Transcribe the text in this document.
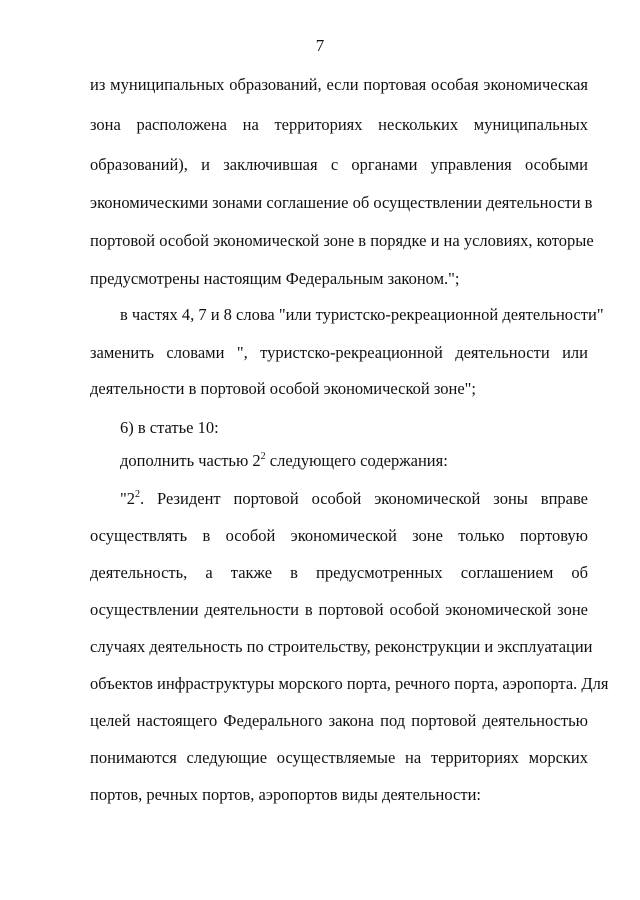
7
из муниципальных образований, если портовая особая экономическая
зона расположена на территориях нескольких муниципальных
образований), и заключившая с органами управления особыми
экономическими зонами соглашение об осуществлении деятельности в
портовой особой экономической зоне в порядке и на условиях, которые
предусмотрены настоящим Федеральным законом.";
в частях 4, 7 и 8 слова "или туристско-рекреационной деятельности"
заменить словами ", туристско-рекреационной деятельности или
деятельности в портовой особой экономической зоне";
6) в статье 10:
дополнить частью $2^2$ следующего содержания:
"$2^2$. Резидент портовой особой экономической зоны вправе
осуществлять в особой экономической зоне только портовую
деятельность, а также в предусмотренных соглашением об
осуществлении деятельности в портовой особой экономической зоне
случаях деятельность по строительству, реконструкции и эксплуатации
объектов инфраструктуры морского порта, речного порта, аэропорта. Для
целей настоящего Федерального закона под портовой деятельностью
понимаются следующие осуществляемые на территориях морских
портов, речных портов, аэропортов виды деятельности:
